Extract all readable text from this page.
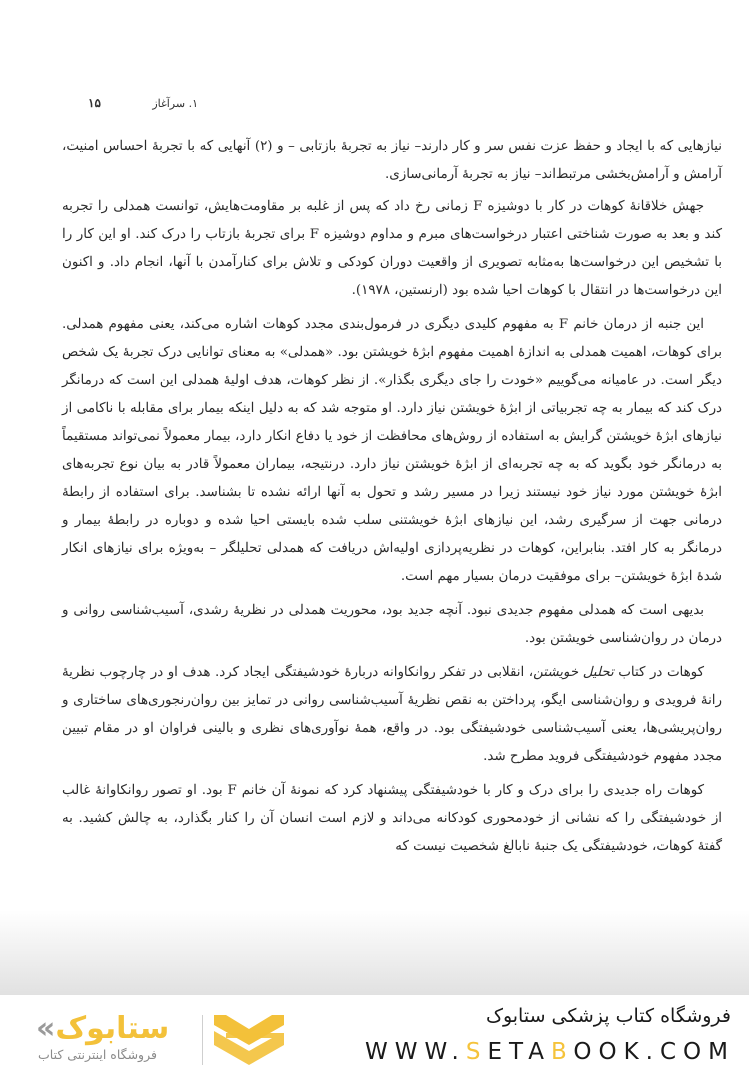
۱. سرآغاز
۱۵

نیازهایی که با ایجاد و حفظ عزت نفس سر و کار دارند– نیاز به تجربهٔ بازتابی – و (۲) آنهایی که با تجربهٔ احساس امنیت، آرامش و آرامش‌بخشی مرتبط‌اند– نیاز به تجربهٔ آرمانی‌سازی.

جهش خلاقانهٔ کوهات در کار با دوشیزه F زمانی رخ داد که پس از غلبه بر مقاومت‌هایش، توانست همدلی را تجربه کند و بعد به صورت شناختی اعتبار درخواست‌های مبرم و مداوم دوشیزه F برای تجربهٔ بازتاب را درک کند. او این کار را با تشخیص این درخواست‌ها به‌مثابه تصویری از واقعیت دوران کودکی و تلاش برای کنارآمدن با آنها، انجام داد. و اکنون این درخواست‌ها در انتقال با کوهات احیا شده بود (ارنستین، ۱۹۷۸).

این جنبه از درمان خانم F به مفهوم کلیدی دیگری در فرمول‌بندی مجدد کوهات اشاره می‌کند، یعنی مفهوم همدلی. برای کوهات، اهمیت همدلی به اندازهٔ اهمیت مفهوم ابژهٔ خویشتن بود. «همدلی» به معنای توانایی درک تجربهٔ یک شخص دیگر است. در عامیانه می‌گوییم «خودت را جای دیگری بگذار». از نظر کوهات، هدف اولیهٔ همدلی این است که درمانگر درک کند که بیمار به چه تجربیاتی از ابژهٔ خویشتن نیاز دارد. او متوجه شد که به دلیل اینکه بیمار برای مقابله با ناکامی از نیازهای ابژهٔ خویشتن گرایش به استفاده از روش‌های محافظت از خود یا دفاع انکار دارد، بیمار معمولاً نمی‌تواند مستقیماً به درمانگر خود بگوید که به چه تجربه‌ای از ابژهٔ خویشتن نیاز دارد. درنتیجه، بیماران معمولاً قادر به بیان نوع تجربه‌های ابژهٔ خویشتن مورد نیاز خود نیستند زیرا در مسیر رشد و تحول به آنها ارائه نشده تا بشناسد. برای استفاده از رابطهٔ درمانی جهت از سرگیری رشد، این نیازهای ابژهٔ خویشتنی سلب شده بایستی احیا شده و دوباره در رابطهٔ بیمار و درمانگر به کار افتد. بنابراین، کوهات در نظریه‌پردازی اولیه‌اش دریافت که همدلی تحلیلگر – به‌ویژه برای نیازهای انکار شدهٔ ابژهٔ خویشتن– برای موفقیت درمان بسیار مهم است.

بدیهی است که همدلی مفهوم جدیدی نبود. آنچه جدید بود، محوریت همدلی در نظریهٔ رشدی، آسیب‌شناسی روانی و درمان در روان‌شناسی خویشتن بود.

کوهات در کتاب تحلیل خویشتن، انقلابی در تفکر روانکاوانه دربارهٔ خودشیفتگی ایجاد کرد. هدف او در چارچوب نظریهٔ رانهٔ فرویدی و روان‌شناسی ایگو، پرداختن به نقص نظریهٔ آسیب‌شناسی روانی در تمایز بین روان‌رنجوری‌های ساختاری و روان‌پریشی‌ها، یعنی آسیب‌شناسی خودشیفتگی بود. در واقع، همهٔ نوآوری‌های نظری و بالینی فراوان او در مقام تبیین مجدد مفهوم خودشیفتگی فروید مطرح شد.

کوهات راه جدیدی را برای درک و کار با خودشیفتگی پیشنهاد کرد که نمونهٔ آن خانم F بود. او تصور روانکاوانهٔ غالب از خودشیفتگی را که نشانی از خودمحوری کودکانه می‌داند و لازم است انسان آن را کنار بگذارد، به چالش کشید. به گفتهٔ کوهات، خودشیفتگی یک جنبهٔ نابالغ شخصیت نیست که

«ستابوک
فروشگاه اینترنتی کتاب
فروشگاه کتاب پزشکی ستابوک
WWW.SETABOOK.COM
